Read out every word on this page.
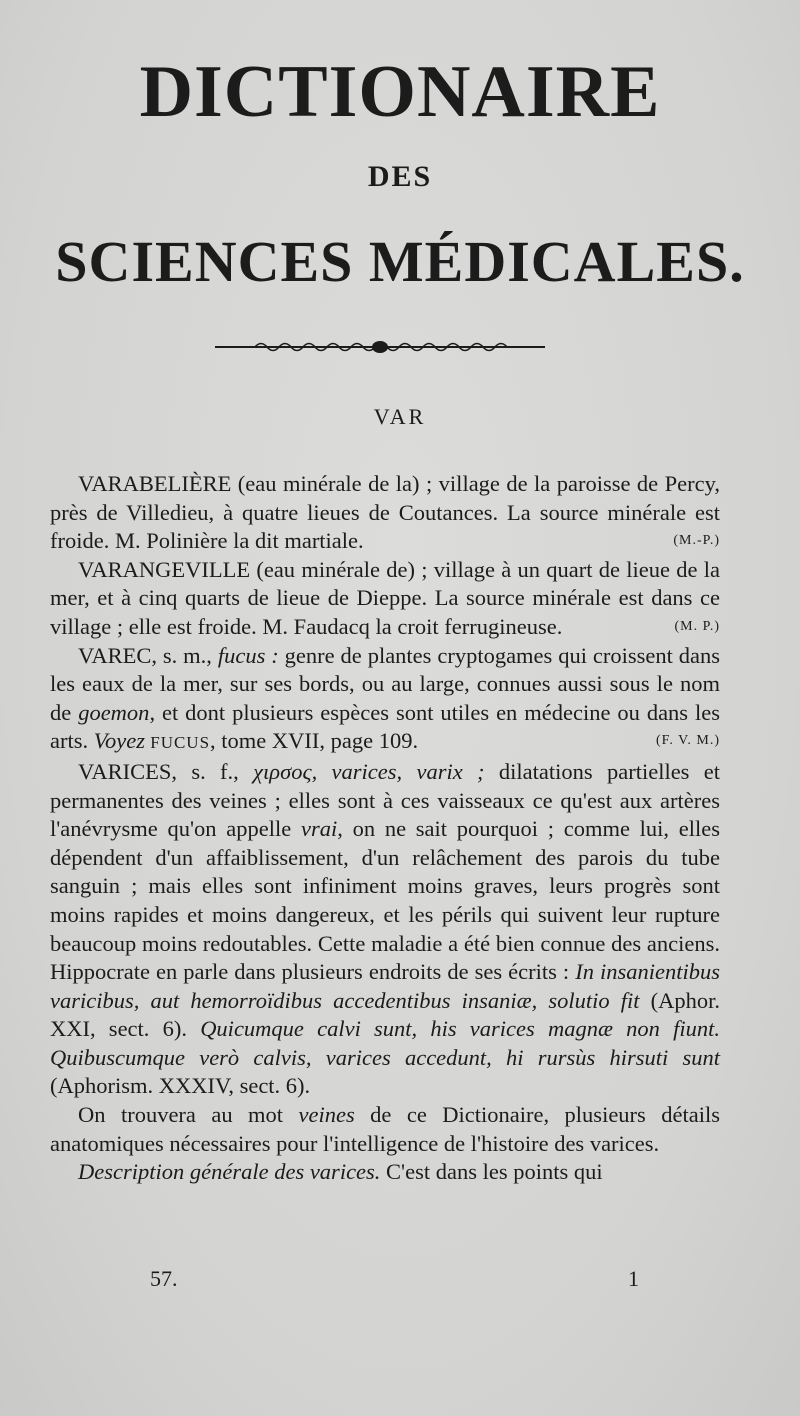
DICTIONAIRE
DES
SCIENCES MÉDICALES.
VAR

VARABELIÈRE (eau minérale de la) ; village de la paroisse de Percy, près de Villedieu, à quatre lieues de Coutances. La source minérale est froide. M. Polinière la dit martiale.	(M.-P.)

VARANGEVILLE (eau minérale de) ; village à un quart de lieue de la mer, et à cinq quarts de lieue de Dieppe. La source minérale est dans ce village ; elle est froide. M. Faudacq la croit ferrugineuse.	(M. P.)

VAREC, s. m., fucus : genre de plantes cryptogames qui croissent dans les eaux de la mer, sur ses bords, ou au large, connues aussi sous le nom de goemon, et dont plusieurs espèces sont utiles en médecine ou dans les arts. Voyez FUCUS, tome XVII, page 109.	(F. V. M.)

VARICES, s. f., χιρσος, varices, varix ; dilatations partielles et permanentes des veines ; elles sont à ces vaisseaux ce qu'est aux artères l'anévrysme qu'on appelle vrai, on ne sait pourquoi ; comme lui, elles dépendent d'un affaiblissement, d'un relâchement des parois du tube sanguin ; mais elles sont infiniment moins graves, leurs progrès sont moins rapides et moins dangereux, et les périls qui suivent leur rupture beaucoup moins redoutables. Cette maladie a été bien connue des anciens. Hippocrate en parle dans plusieurs endroits de ses écrits : In insanientibus varicibus, aut hemorroïdibus accedentibus insaniæ, solutio fit (Aphor. XXI, sect. 6). Quicumque calvi sunt, his varices magnæ non fiunt. Quibuscumque verò calvis, varices accedunt, hi rursùs hirsuti sunt (Aphorism. XXXIV, sect. 6).

On trouvera au mot veines de ce Dictionaire, plusieurs détails anatomiques nécessaires pour l'intelligence de l'histoire des varices.

Description générale des varices. C'est dans les points qui

57.	1
